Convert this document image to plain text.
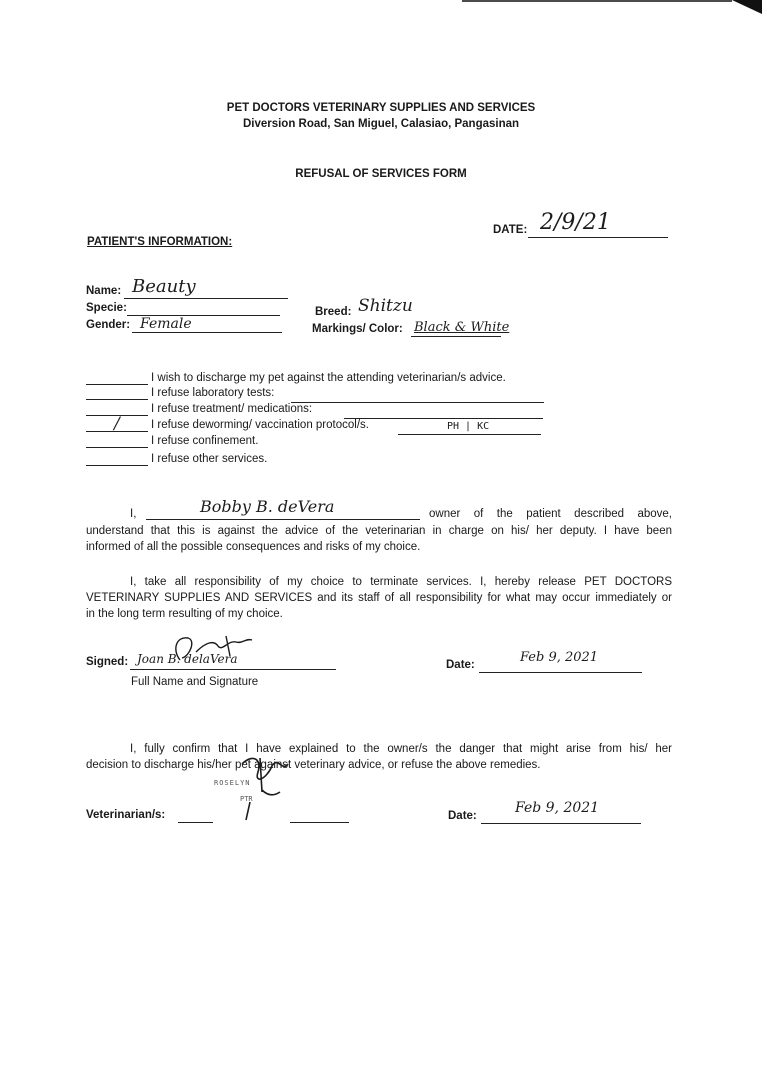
PET DOCTORS VETERINARY SUPPLIES AND SERVICES
Diversion Road, San Miguel, Calasiao, Pangasinan
REFUSAL OF SERVICES FORM
DATE: 2/9/21
PATIENT'S INFORMATION:
Name: Beauty
Specie:
Gender: Female
Breed: Shitzu
Markings/ Color: Black & White
I wish to discharge my pet against the attending veterinarian/s advice.
I refuse laboratory tests:
I refuse treatment/ medications:
/	I refuse deworming/ vaccination protocol/s.	PH | KC
I refuse confinement.
I refuse other services.
I,	Bobby B. deVera	owner of the patient described above,
understand that this is against the advice of the veterinarian in charge on his/ her deputy. I have been
informed of all the possible consequences and risks of my choice.
I, take all responsibility of my choice to terminate services. I, hereby release PET DOCTORS
VETERINARY SUPPLIES AND SERVICES and its staff of all responsibility for what may occur immediately or
in the long term resulting of my choice.
Signed: Joan B. delaVera
Full Name and Signature
Date:	Feb 9, 2021
I, fully confirm that I have explained to the owner/s the danger that might arise from his/ her
decision to discharge his/her pet against veterinary advice, or refuse the above remedies.
ROSELYN
PTR
Veterinarian/s:	Date:	Feb 9, 2021
